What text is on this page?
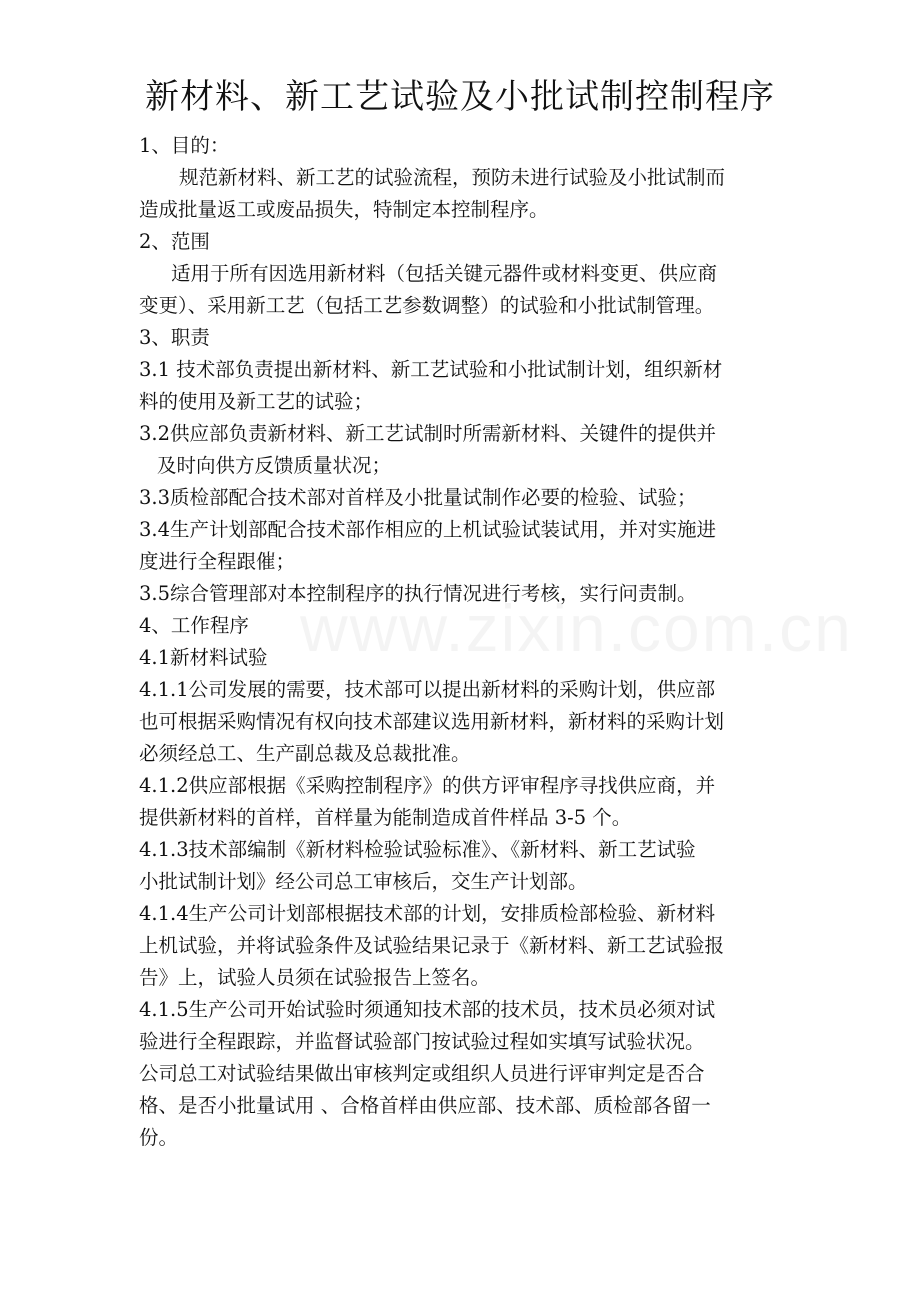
新材料、新工艺试验及小批试制控制程序

1、目的：

规范新材料、新工艺的试验流程，预防未进行试验及小批试制而

造成批量返工或废品损失，特制定本控制程序。

2、范围

适用于所有因选用新材料（包括关键元器件或材料变更、供应商

变更）、采用新工艺（包括工艺参数调整）的试验和小批试制管理。

3、职责

3.1 技术部负责提出新材料、新工艺试验和小批试制计划，组织新材

料的使用及新工艺的试验；

3.2供应部负责新材料、新工艺试制时所需新材料、关键件的提供并

及时向供方反馈质量状况；

3.3质检部配合技术部对首样及小批量试制作必要的检验、试验；

3.4生产计划部配合技术部作相应的上机试验试装试用，并对实施进

度进行全程跟催；

3.5综合管理部对本控制程序的执行情况进行考核，实行问责制。

4、工作程序

4.1新材料试验

4.1.1公司发展的需要，技术部可以提出新材料的采购计划，供应部

也可根据采购情况有权向技术部建议选用新材料，新材料的采购计划

必须经总工、生产副总裁及总裁批准。

4.1.2供应部根据《采购控制程序》的供方评审程序寻找供应商，并

提供新材料的首样，首样量为能制造成首件样品 3-5 个。

4.1.3技术部编制《新材料检验试验标准》、《新材料、新工艺试验

小批试制计划》经公司总工审核后，交生产计划部。

4.1.4生产公司计划部根据技术部的计划，安排质检部检验、新材料

上机试验，并将试验条件及试验结果记录于《新材料、新工艺试验报

告》上，试验人员须在试验报告上签名。

4.1.5生产公司开始试验时须通知技术部的技术员，技术员必须对试

验进行全程跟踪，并监督试验部门按试验过程如实填写试验状况。

公司总工对试验结果做出审核判定或组织人员进行评审判定是否合

格、是否小批量试用 、合格首样由供应部、技术部、质检部各留一

份。
